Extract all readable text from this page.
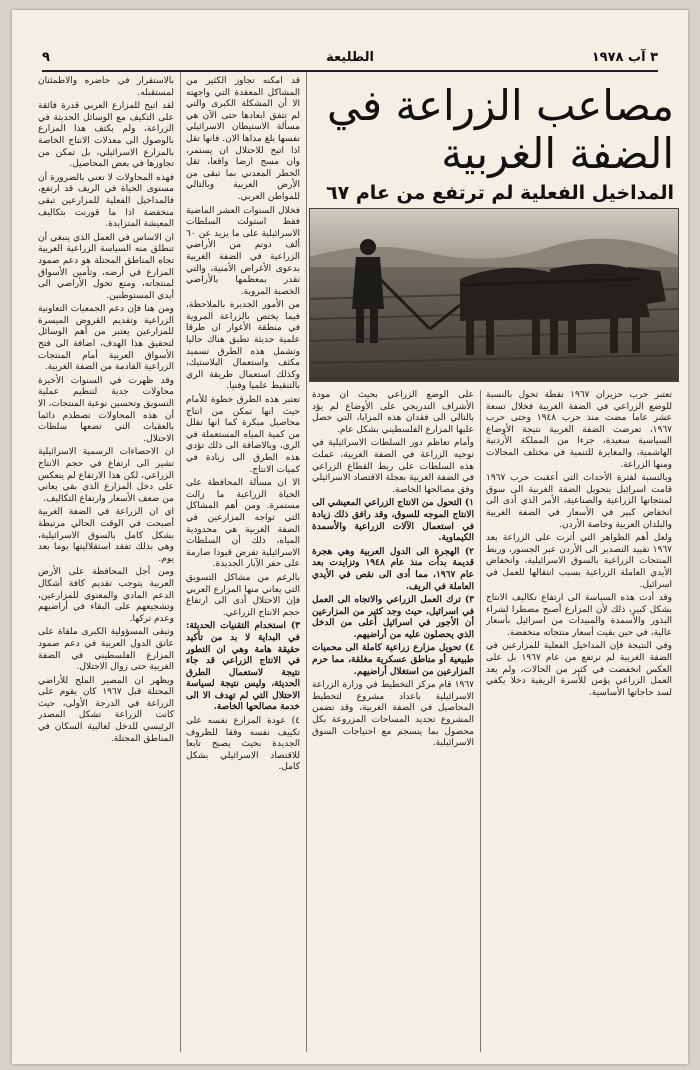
٣ آب ١٩٧٨
الطليعة
٩
مصاعب الزراعة في الضفة الغربية
المداخيل الفعلية لم ترتفع من عام ٦٧

بالاستقرار في حاضره والاطمئنان لمستقبله.

لقد اتيح للمزارع العربي قدرة فائقة على التكيف مع الوسائل الحديثة في الزراعة، ولم يكتف هذا المزارع بالوصول الى معدلات الانتاج الخاصة بالمزارع الاسرائيلي، بل تمكن من تجاوزها في بعض المحاصيل.

فهذه المحاولات لا تعني بالضرورة أن مستوى الحياة في الريف قد ارتفع، فالمداخيل الفعلية للمزارعين تبقى منخفضة اذا ما قورنت بتكاليف المعيشة المتزايدة.

ان الاساس في العمل الذي ينبغي أن تنطلق منه السياسة الزراعية العربية تجاه المناطق المحتلة هو دعم صمود المزارع في أرضه، وتأمين الأسواق لمنتجاته، ومنع تحول الأراضي الى أيدي المستوطنين.

ومن هنا فإن دعم الجمعيات التعاونية الزراعية وتقديم القروض الميسرة للمزارعين يعتبر من أهم الوسائل لتحقيق هذا الهدف، اضافة الى فتح الأسواق العربية أمام المنتجات الزراعية القادمة من الضفة الغربية.

وقد ظهرت في السنوات الأخيرة محاولات جدية لتنظيم عملية التسويق وتحسين نوعية المنتجات، الا أن هذه المحاولات تصطدم دائما بالعقبات التي تضعها سلطات الاحتلال.

ان الاحصاءات الرسمية الاسرائيلية تشير الى ارتفاع في حجم الانتاج الزراعي، لكن هذا الارتفاع لم ينعكس على دخل المزارع الذي بقي يعاني من ضعف الأسعار وارتفاع التكاليف.

اي ان الزراعة في الضفة الغربية أصبحت في الوقت الحالي مرتبطة بشكل كامل بالسوق الاسرائيلية، وهي بذلك تفقد استقلاليتها يوما بعد يوم.

ومن أجل المحافظة على الأرض العربية يتوجب تقديم كافة أشكال الدعم المادي والمعنوي للمزارعين، وتشجيعهم على البقاء في أراضيهم وعدم تركها.

وتبقى المسؤولية الكبرى ملقاة على عاتق الدول العربية في دعم صمود المزارع الفلسطيني في الضفة الغربية حتى زوال الاحتلال.

ويظهر ان المصير الملح للأراضي المحتلة قبل ١٩٦٧ كان يقوم على الزراعة في الدرجة الأولى، حيث كانت الزراعة تشكل المصدر الرئيسي للدخل لغالبية السكان في المناطق المحتلة.

قد أمكنه تجاوز الكثير من المشاكل المعقدة التي واجهته الا أن المشكلة الكبرى والتي لم تتفق ابعادها حتى الآن هي مسألة الاستيطان الاسرائيلي نفسها بلغ مداها الان. فانها تقل اذا اتيح للاحتلال ان يستمر، وان مسح ارضا واقعا، ثقل الخطر المعدني بما تبقى من الأرض العربية وبالتالي للمواطن العربي.

فخلال السنوات العشر الماضية فقط استولت السلطات الاسرائيلية على ما يزيد عن ٦٠ ألف دونم من الأراضي الزراعية في الضفة الغربية بدعوى الأغراض الأمنية، والتي تقدر بمعظمها بالأراضي الخصبة المروية.

من الأمور الجديرة بالملاحظة، فيما يختص بالزراعة المروية في منطقة الأغوار ان طرقا علمية حديثة تطبق هناك حاليا وتشمل هذه الطرق تسميد مكثف واستعمال البلاستيك، وكذلك استعمال طريقة الري بالتنقيط علميا وفنيا.

تعتبر هذه الطرق خطوة للأمام حيث انها تمكن من انتاج محاصيل مبكرة كما انها تقلل من كمية المياه المستعملة في الري، وبالاضافة الى ذلك تؤدي هذه الطرق الى زيادة في كميات الانتاج.

الا ان مسألة المحافظة على الحياة الزراعية ما زالت مستمرة. ومن أهم المشاكل التي تواجه المزارعين في الضفة الغربية هي محدودية المياه، ذلك أن السلطات الاسرائيلية تفرض قيودا صارمة على حفر الآبار الجديدة.

بالرغم من مشاكل التسويق التي يعاني منها المزارع العربي فإن الاحتلال أدى الى ارتفاع حجم الانتاج الزراعي.

٣) استخدام التقنيات الحديثة: في البداية لا بد من تأكيد حقيقة هامة وهي ان التطور في الانتاج الزراعي قد جاء نتيجة لاستعمال الطرق الحديثة، وليس نتيجة لسياسة الاحتلال التي لم تهدف الا الى خدمة مصالحها الخاصة.

٤) عودة المزارع نفسه على تكييف نفسه وفقا للظروف الجديدة بحيث يصبح تابعا للاقتصاد الاسرائيلي بشكل كامل.

على الوضع الزراعي بحيث ان مودة الأشراف التدريجي على الأوضاع لم يؤد بالتالي الى فقدان هذه المزايا، التي حصل عليها المزارع الفلسطيني بشكل عام.

وأمام تعاظم دور السلطات الاسرائيلية في توجيه الزراعة في الضفة الغربية، عملت هذه السلطات على ربط القطاع الزراعي في الضفة الغربية بعجلة الاقتصاد الاسرائيلي وفق مصالحها الخاصة.

١) التحول من الانتاج الزراعي المعيشي الى الانتاج الموجه للسوق، وقد رافق ذلك زيادة في استعمال الآلات الزراعية والأسمدة الكيماوية.

٢) الهجرة الى الدول العربية وهي هجرة قديمة بدأت منذ عام ١٩٤٨ وتزايدت بعد عام ١٩٦٧، مما أدى الى نقص في الأيدي العاملة في الريف.

٣) ترك العمل الزراعي والاتجاه الى العمل في اسرائيل، حيث وجد كثير من المزارعين أن الأجور في اسرائيل أعلى من الدخل الذي يحصلون عليه من أراضيهم.

٤) تحويل مزارع زراعية كاملة الى محميات طبيعية أو مناطق عسكرية مغلقة، مما حرم المزارعين من استغلال أراضيهم.

١٩٦٧ قام مركز التخطيط في وزارة الزراعة الاسرائيلية باعداد مشروع لتخطيط المحاصيل في الضفة الغربية، وقد تضمن المشروع تحديد المساحات المزروعة بكل محصول بما ينسجم مع احتياجات السوق الاسرائيلية.

تعتبر حرب حزيران ١٩٦٧ نقطة تحول بالنسبة للوضع الزراعي في الضفة الغربية فخلال تسعة عشر عاما مضت منذ حرب ١٩٤٨ وحتى حرب ١٩٦٧، تعرضت الضفة الغربية نتيجة الأوضاع السياسية سعيدة، جزءا من المملكة الأردنية الهاشمية، والمغايرة للتنمية في مختلف المجالات ومنها الزراعة.

وبالنسبة لفترة الأحداث التي أعقبت حرب ١٩٦٧ قامت اسرائيل بتحويل الضفة الغربية الى سوق لمنتجاتها الزراعية والصناعية، الأمر الذي أدى الى انخفاض كبير في الأسعار في الضفة الغربية والبلدان العربية وخاصة الأردن.

ولعل أهم الظواهر التي أثرت على الزراعة بعد ١٩٦٧ تقييد التصدير الى الأردن عبر الجسور، وربط المنتجات الزراعية بالسوق الاسرائيلية، وانخفاض الأيدي العاملة الزراعية بسبب انتقالها للعمل في اسرائيل.

وقد أدت هذه السياسة الى ارتفاع تكاليف الانتاج بشكل كبير، ذلك لأن المزارع أصبح مضطرا لشراء البذور والأسمدة والمبيدات من اسرائيل بأسعار عالية، في حين بقيت أسعار منتجاته منخفضة.

وفي النتيجة فإن المداخيل الفعلية للمزارعين في الضفة الغربية لم ترتفع من عام ١٩٦٧ بل على العكس انخفضت في كثير من الحالات، ولم يعد العمل الزراعي يؤمن للأسرة الريفية دخلا يكفي لسد حاجاتها الأساسية.
